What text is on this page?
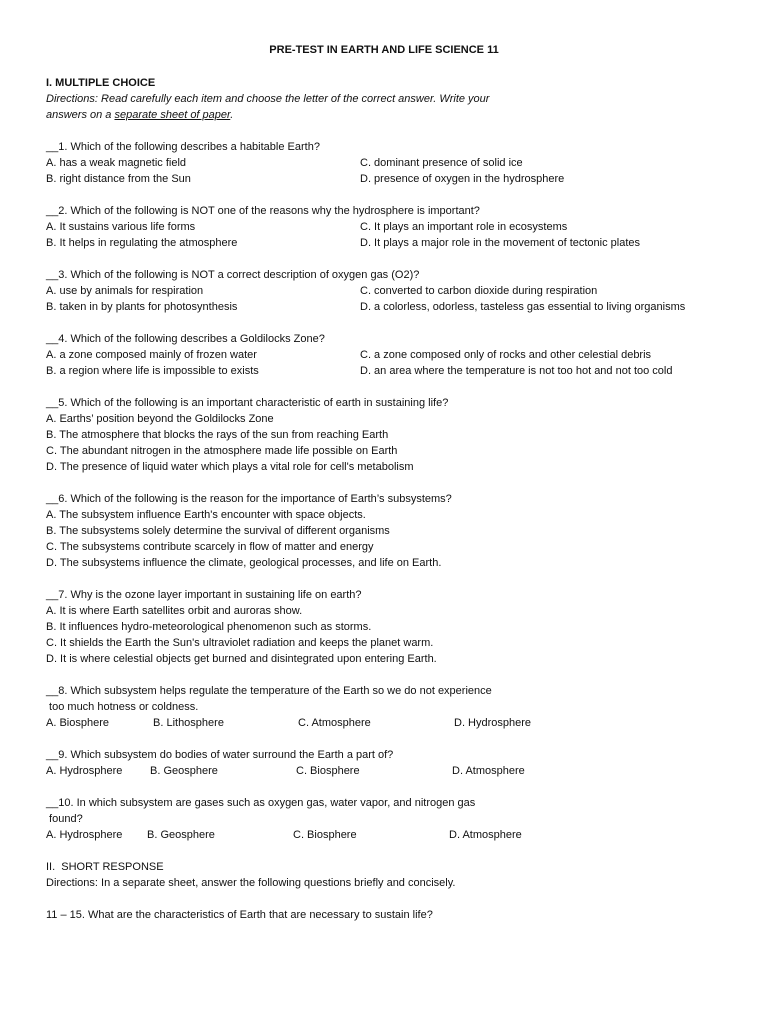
PRE-TEST IN EARTH AND LIFE SCIENCE 11
I. MULTIPLE CHOICE
Directions: Read carefully each item and choose the letter of the correct answer. Write your
answers on a separate sheet of paper.
__1. Which of the following describes a habitable Earth?
A. has a weak magnetic field	C. dominant presence of solid ice
B. right distance from the Sun	D. presence of oxygen in the hydrosphere
__2. Which of the following is NOT one of the reasons why the hydrosphere is important?
A. It sustains various life forms	C. It plays an important role in ecosystems
B. It helps in regulating the atmosphere	D. It plays a major role in the movement of tectonic plates
__3. Which of the following is NOT a correct description of oxygen gas (O2)?
A. use by animals for respiration	C. converted to carbon dioxide during respiration
B. taken in by plants for photosynthesis	D. a colorless, odorless, tasteless gas essential to living organisms
__4. Which of the following describes a Goldilocks Zone?
A. a zone composed mainly of frozen water	C. a zone composed only of rocks and other celestial debris
B. a region where life is impossible to exists	D. an area where the temperature is not too hot and not too cold
__5. Which of the following is an important characteristic of earth in sustaining life?
A. Earths’ position beyond the Goldilocks Zone
B. The atmosphere that blocks the rays of the sun from reaching Earth
C. The abundant nitrogen in the atmosphere made life possible on Earth
D. The presence of liquid water which plays a vital role for cell's metabolism
__6. Which of the following is the reason for the importance of Earth’s subsystems?
A. The subsystem influence Earth's encounter with space objects.
B. The subsystems solely determine the survival of different organisms
C. The subsystems contribute scarcely in flow of matter and energy
D. The subsystems influence the climate, geological processes, and life on Earth.
__7. Why is the ozone layer important in sustaining life on earth?
A. It is where Earth satellites orbit and auroras show.
B. It influences hydro-meteorological phenomenon such as storms.
C. It shields the Earth the Sun's ultraviolet radiation and keeps the planet warm.
D. It is where celestial objects get burned and disintegrated upon entering Earth.
__8. Which subsystem helps regulate the temperature of the Earth so we do not experience
too much hotness or coldness.
A. Biosphere	B. Lithosphere	C. Atmosphere	D. Hydrosphere
__9. Which subsystem do bodies of water surround the Earth a part of?
A. Hydrosphere	B. Geosphere	C. Biosphere	D. Atmosphere
__10. In which subsystem are gases such as oxygen gas, water vapor, and nitrogen gas
found?
A. Hydrosphere B. Geosphere	C. Biosphere	D. Atmosphere
II.  SHORT RESPONSE
Directions: In a separate sheet, answer the following questions briefly and concisely.
11 – 15. What are the characteristics of Earth that are necessary to sustain life?
